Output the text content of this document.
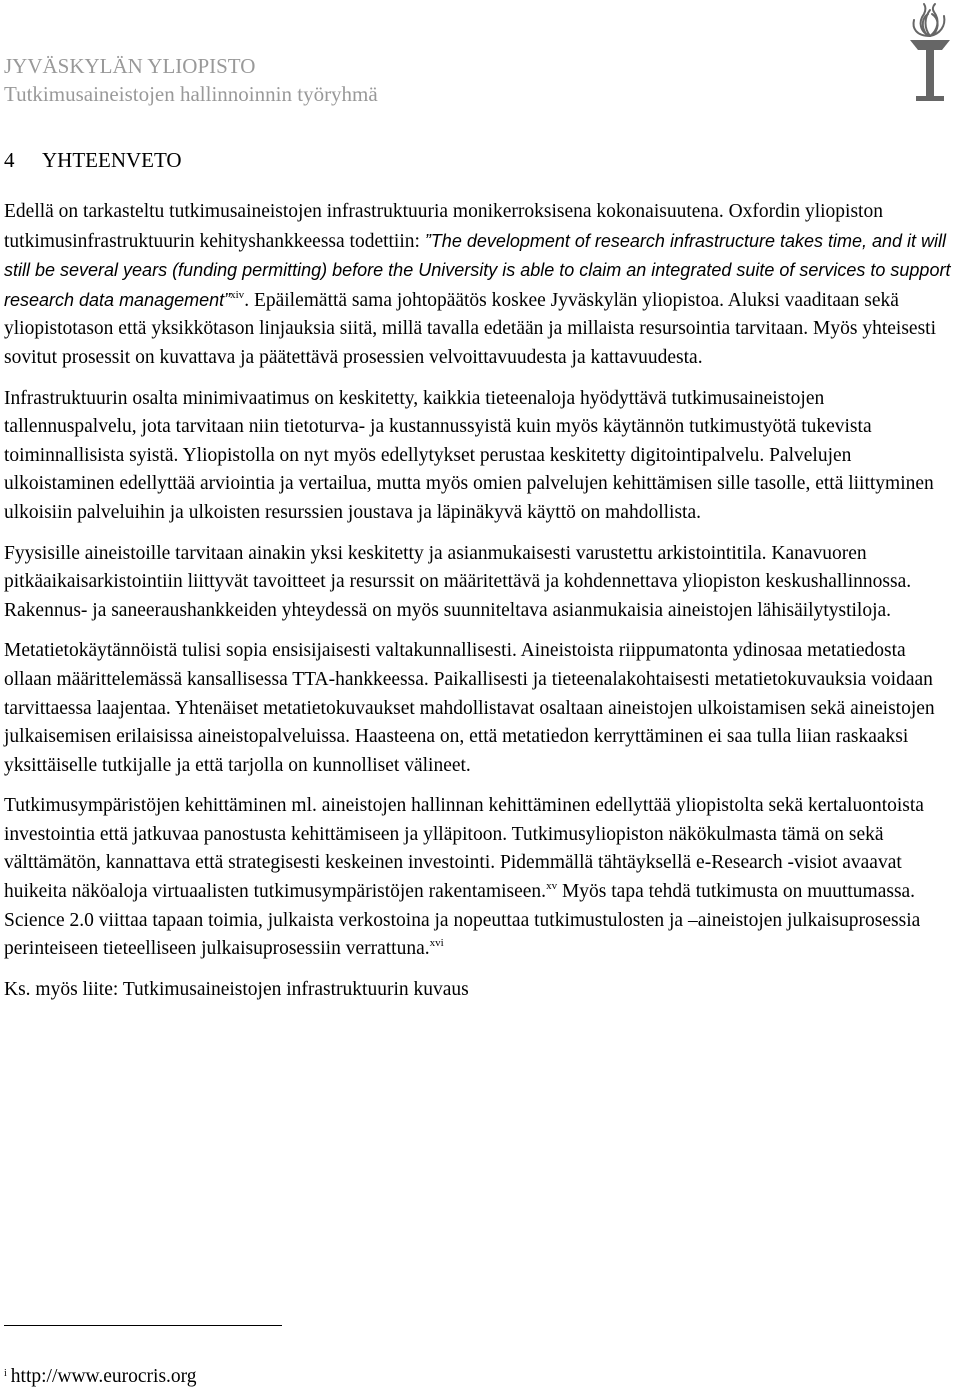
JYVÄSKYLÄN YLIOPISTO
Tutkimusaineistojen hallinnoinnin työryhmä
4 YHTEENVETO

Edellä on tarkasteltu tutkimusaineistojen infrastruktuuria monikerroksisena kokonaisuutena. Oxfordin yliopiston tutkimusinfrastruktuurin kehityshankkeessa todettiin: ”The development of research infrastructure takes time, and it will still be several years (funding permitting) before the University is able to claim an integrated suite of services to support research data management”$^{xiv}$. Epäilemättä sama johtopäätös koskee Jyväskylän yliopistoa. Aluksi vaaditaan sekä yliopistotason että yksikkötason linjauksia siitä, millä tavalla edetään ja millaista resursointia tarvitaan. Myös yhteisesti sovitut prosessit on kuvattava ja päätettävä prosessien velvoittavuudesta ja kattavuudesta.

Infrastruktuurin osalta minimivaatimus on keskitetty, kaikkia tieteenaloja hyödyttävä tutkimusaineistojen tallennuspalvelu, jota tarvitaan niin tietoturva- ja kustannussyistä kuin myös käytännön tutkimustyötä tukevista toiminnallisista syistä. Yliopistolla on nyt myös edellytykset perustaa keskitetty digitointipalvelu. Palvelujen ulkoistaminen edellyttää arviointia ja vertailua, mutta myös omien palvelujen kehittämisen sille tasolle, että liittyminen ulkoisiin palveluihin ja ulkoisten resurssien joustava ja läpinäkyvä käyttö on mahdollista.

Fyysisille aineistoille tarvitaan ainakin yksi keskitetty ja asianmukaisesti varustettu arkistointitila. Kanavuoren pitkäaikaisarkistointiin liittyvät tavoitteet ja resurssit on määritettävä ja kohdennettava yliopiston keskushallinnossa. Rakennus- ja saneeraushankkeiden yhteydessä on myös suunniteltava asianmukaisia aineistojen lähisäilytystiloja.

Metatietokäytännöistä tulisi sopia ensisijaisesti valtakunnallisesti. Aineistoista riippumatonta ydinosaa metatiedosta ollaan määrittelemässä kansallisessa TTA-hankkeessa. Paikallisesti ja tieteenalakohtaisesti metatietokuvauksia voidaan tarvittaessa laajentaa. Yhtenäiset metatietokuvaukset mahdollistavat osaltaan aineistojen ulkoistamisen sekä aineistojen julkaisemisen erilaisissa aineistopalveluissa. Haasteena on, että metatiedon kerryttäminen ei saa tulla liian raskaaksi yksittäiselle tutkijalle ja että tarjolla on kunnolliset välineet.

Tutkimusympäristöjen kehittäminen ml. aineistojen hallinnan kehittäminen edellyttää yliopistolta sekä kertaluontoista investointia että jatkuvaa panostusta kehittämiseen ja ylläpitoon. Tutkimusyliopiston näkökulmasta tämä on sekä välttämätön, kannattava että strategisesti keskeinen investointi. Pidemmällä tähtäyksellä e-Research -visiot avaavat huikeita näköaloja virtuaalisten tutkimusympäristöjen rakentamiseen.$^{xv}$ Myös tapa tehdä tutkimusta on muuttumassa. Science 2.0 viittaa tapaan toimia, julkaista verkostoina ja nopeuttaa tutkimustulosten ja –aineistojen julkaisuprosessia perinteiseen tieteelliseen julkaisuprosessiin verrattuna.$^{xvi}$

Ks. myös liite: Tutkimusaineistojen infrastruktuurin kuvaus

$^i$ http://www.eurocris.org
